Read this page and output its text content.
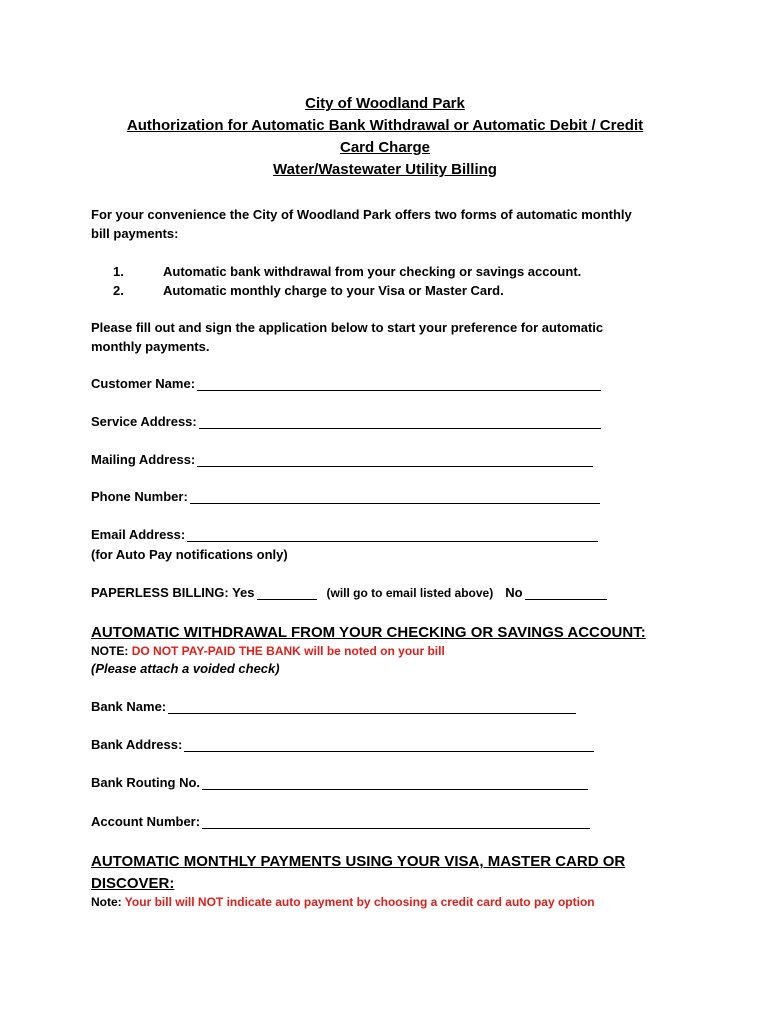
City of Woodland Park
Authorization for Automatic Bank Withdrawal or Automatic Debit / Credit
Card Charge
Water/Wastewater Utility Billing
For your convenience the City of Woodland Park offers two forms of automatic monthly
bill payments:
1.	Automatic bank withdrawal from your checking or savings account.
2.	Automatic monthly charge to your Visa or Master Card.
Please fill out and sign the application below to start your preference for automatic
monthly payments.
Customer Name:
Service Address:
Mailing Address:
Phone Number:
Email Address:
(for Auto Pay notifications only)
PAPERLESS BILLING: Yes	(will go to email listed above) No
AUTOMATIC WITHDRAWAL FROM YOUR CHECKING OR SAVINGS ACCOUNT:
NOTE: DO NOT PAY-PAID THE BANK will be noted on your bill
(Please attach a voided check)
Bank Name:
Bank Address:
Bank Routing No.
Account Number:
AUTOMATIC MONTHLY PAYMENTS USING YOUR VISA, MASTER CARD OR
DISCOVER:
Note: Your bill will NOT indicate auto payment by choosing a credit card auto pay option
